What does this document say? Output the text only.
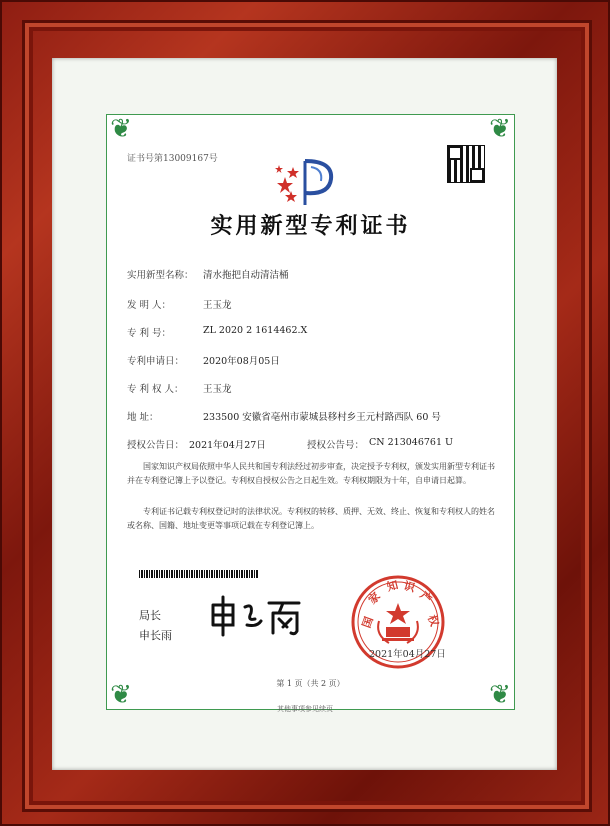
❦	❦
❦	❦
证书号第13009167号
实用新型专利证书
实用新型名称： 清水拖把自动清洁桶
发 明 人：	王玉龙
专 利 号：	ZL 2020 2 1614462.X
专利申请日： 2020年08月05日
专 利 权 人： 王玉龙
地 址：	233500 安徽省亳州市蒙城县移村乡王元村路西队 60 号
授权公告日： 2021年04月27日	授权公告号： CN 213046761 U
国家知识产权局依照中华人民共和国专利法经过初步审查，决定授予专利权，颁发实用新型专利证书并在专利登记簿上予以登记。专利权自授权公告之日起生效。专利权期限为十年，自申请日起算。
专利证书记载专利权登记时的法律状况。专利权的转移、质押、无效、终止、恢复和专利权人的姓名或名称、国籍、地址变更等事项记载在专利登记簿上。
局长
申长雨
国
家
知 识
产
权
2021年04月27日
第 1 页（共 2 页）
其他事项参见续页
